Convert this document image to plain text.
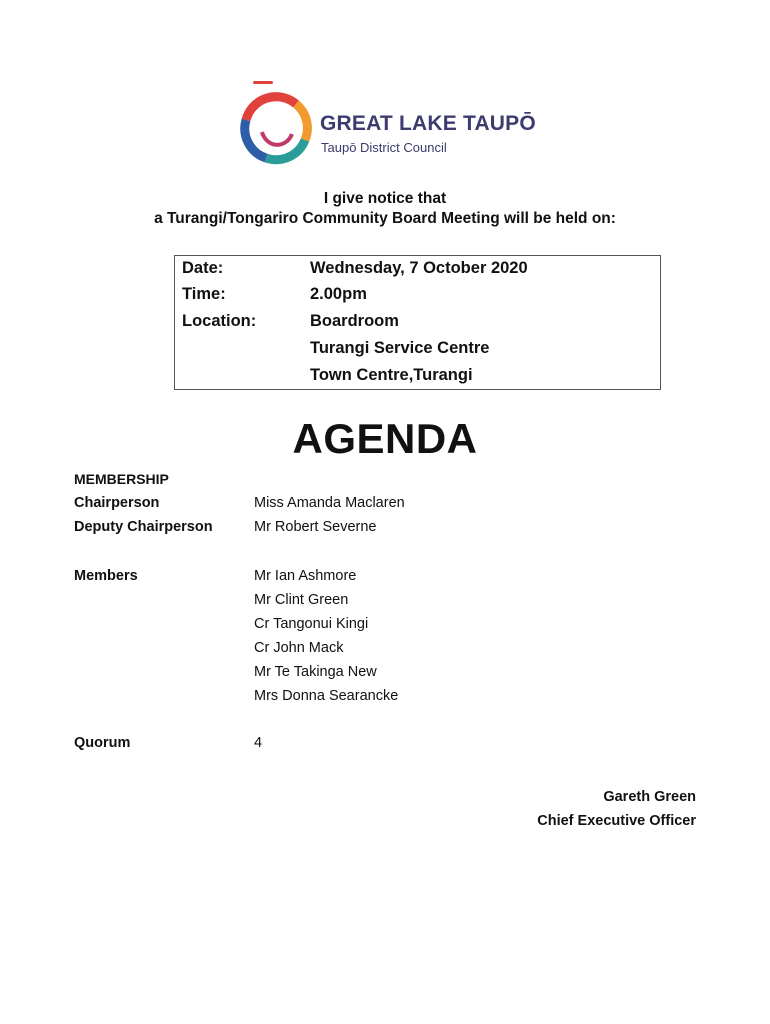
GREAT LAKE TAUPŌ
Taupō District Council
I give notice that
a Turangi/Tongariro Community Board Meeting will be held on:
Date:	Wednesday, 7 October 2020
Time:	2.00pm
Location:	Boardroom
Turangi Service Centre
Town Centre,Turangi
AGENDA
MEMBERSHIP
Chairperson	Miss Amanda Maclaren
Deputy Chairperson	Mr Robert Severne
Members	Mr Ian Ashmore
Mr Clint Green
Cr Tangonui Kingi
Cr John Mack
Mr Te Takinga New
Mrs Donna Searancke
Quorum	4
Gareth Green
Chief Executive Officer
